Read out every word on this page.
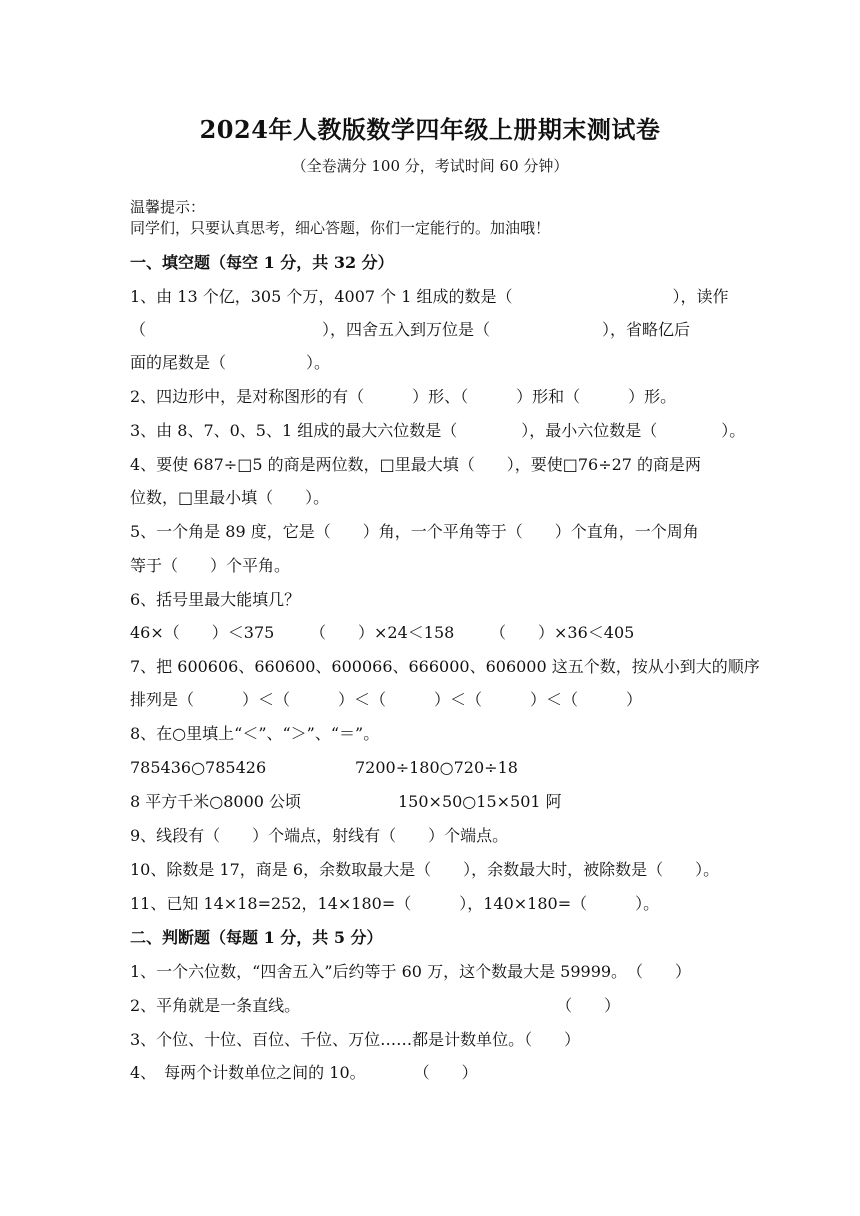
2024年人教版数学四年级上册期末测试卷
（全卷满分 100 分，考试时间 60 分钟）
温馨提示：
同学们，只要认真思考，细心答题，你们一定能行的。加油哦！
一、填空题（每空 1 分，共 32 分）
1、由 13 个亿，305 个万，4007 个 1 组成的数是（　　　　　　　　　　），读作
（　　　　　　　　　　　），四舍五入到万位是（　　　　　　　），省略亿后
面的尾数是（　　　　　）。
2、四边形中，是对称图形的有（　　　）形、（　　　）形和（　　　）形。
3、由 8、7、0、5、1 组成的最大六位数是（　　　　），最小六位数是（　　　　）。
4、要使 687÷□5 的商是两位数，□里最大填（　　），要使□76÷27 的商是两
位数，□里最小填（　　）。
5、一个角是 89 度，它是（　　）角，一个平角等于（　　）个直角，一个周角
等于（　　）个平角。
6、括号里最大能填几？
46×（　　）＜375 （　　）×24＜158 （　　）×36＜405
7、把 600606、660600、600066、666000、606000 这五个数，按从小到大的顺序
排列是（　　　）＜（　　　）＜（　　　）＜（　　　）＜（　　　）
8、在○里填上“＜”、“＞”、“＝”。
785436○785426	7200÷180○720÷18
8 平方千米○8000 公顷	150×50○15×501 阿
9、线段有（　　）个端点，射线有（　　）个端点。
10、除数是 17，商是 6，余数取最大是（　　），余数最大时，被除数是（　　）。
11、已知 14×18=252，14×180=（　　　），140×180=（　　　）。
二、判断题（每题 1 分，共 5 分）
1、一个六位数，“四舍五入”后约等于 60 万，这个数最大是 59999。　（　　）
2、平角就是一条直线。　　　　　　　　　　　　　　　　　（　　）
3、个位、十位、百位、千位、万位……都是计数单位。（　　）
4、　每两个计数单位之间的 10。　　　　（　　）
